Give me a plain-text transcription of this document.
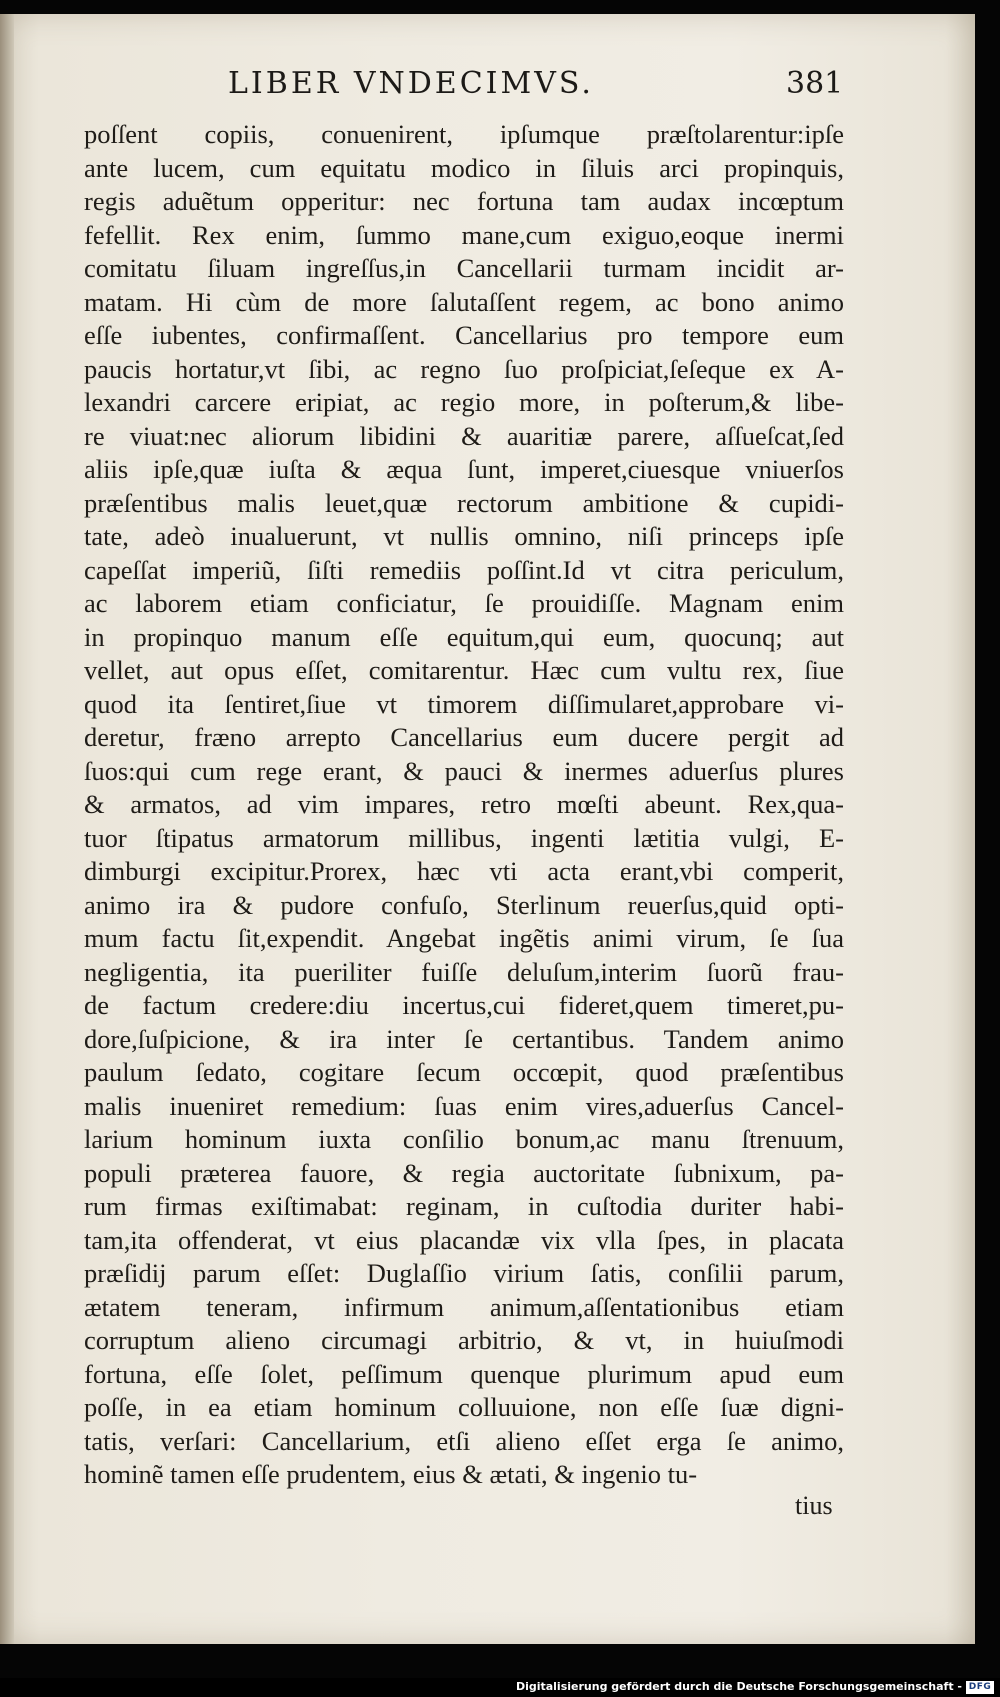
LIBER VNDECIMVS.	381
poſſent copiis, conuenirent, ipſumque præſtolarentur:ipſe
ante lucem, cum equitatu modico in ſiluis arci propinquis,
regis aduẽtum opperitur: nec fortuna tam audax incœptum
fefellit. Rex enim, ſummo mane,cum exiguo,eoque inermi
comitatu ſiluam ingreſſus,in Cancellarii turmam incidit ar-
matam. Hi cùm de more ſalutaſſent regem, ac bono animo
eſſe iubentes, confirmaſſent. Cancellarius pro tempore eum
paucis hortatur,vt ſibi, ac regno ſuo proſpiciat,ſeſeque ex A-
lexandri carcere eripiat, ac regio more, in poſterum,& libe-
re viuat:nec aliorum libidini & auaritiæ parere, aſſueſcat,ſed
aliis ipſe,quæ iuſta & æqua ſunt, imperet,ciuesque vniuerſos
præſentibus malis leuet,quæ rectorum ambitione & cupidi-
tate, adeò inualuerunt, vt nullis omnino, niſi princeps ipſe
capeſſat imperiũ, ſiſti remediis poſſint.Id vt citra periculum,
ac laborem etiam conficiatur, ſe prouidiſſe. Magnam enim
in propinquo manum eſſe equitum,qui eum, quocunq; aut
vellet, aut opus eſſet, comitarentur. Hæc cum vultu rex, ſiue
quod ita ſentiret,ſiue vt timorem diſſimularet,approbare vi-
deretur, fræno arrepto Cancellarius eum ducere pergit ad
ſuos:qui cum rege erant, & pauci & inermes aduerſus plures
& armatos, ad vim impares, retro mœſti abeunt. Rex,qua-
tuor ſtipatus armatorum millibus, ingenti lætitia vulgi, E-
dimburgi excipitur.Prorex, hæc vti acta erant,vbi comperit,
animo ira & pudore confuſo, Sterlinum reuerſus,quid opti-
mum factu ſit,expendit. Angebat ingẽtis animi virum, ſe ſua
negligentia, ita pueriliter fuiſſe deluſum,interim ſuorũ frau-
de factum credere:diu incertus,cui fideret,quem timeret,pu-
dore,ſuſpicione, & ira inter ſe certantibus. Tandem animo
paulum ſedato, cogitare ſecum occœpit, quod præſentibus
malis inueniret remedium: ſuas enim vires,aduerſus Cancel-
larium hominum iuxta conſilio bonum,ac manu ſtrenuum,
populi præterea fauore, & regia auctoritate ſubnixum, pa-
rum firmas exiſtimabat: reginam, in cuſtodia duriter habi-
tam,ita offenderat, vt eius placandæ vix vlla ſpes, in placata
præſidij parum eſſet: Duglaſſio virium ſatis, conſilii parum,
ætatem teneram, infirmum animum,aſſentationibus etiam
corruptum alieno circumagi arbitrio, & vt, in huiuſmodi
fortuna, eſſe ſolet, peſſimum quenque plurimum apud eum
poſſe, in ea etiam hominum colluuione, non eſſe ſuæ digni-
tatis, verſari: Cancellarium, etſi alieno eſſet erga ſe animo,
hominẽ tamen eſſe prudentem, eius & ætati, & ingenio tu-
tius
Digitalisierung gefördert durch die Deutsche Forschungsgemeinschaft - DFG
